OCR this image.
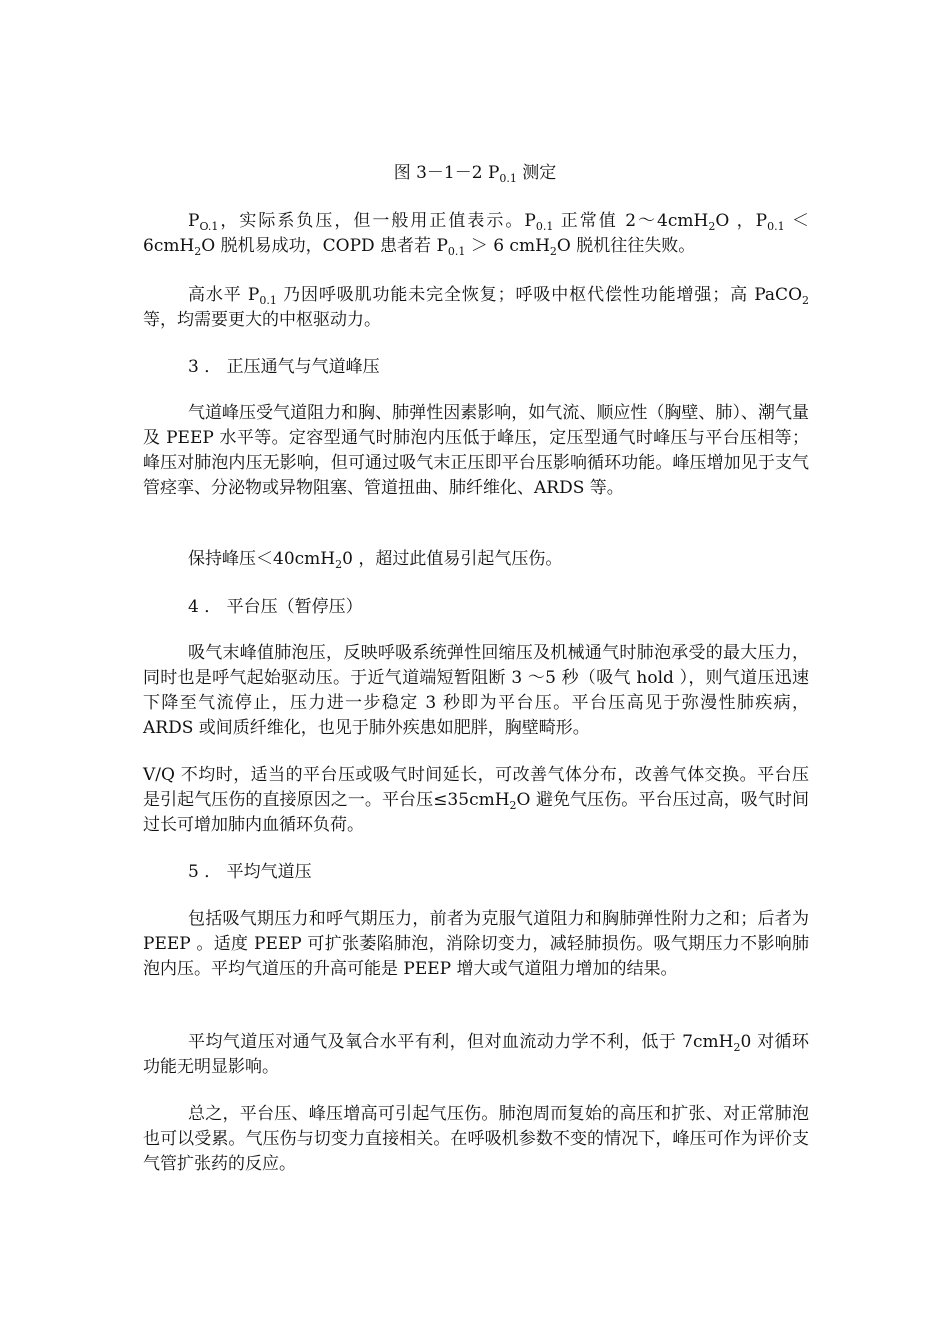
图 3－1－2 $P_{0.1}$ 测定
$P_{O.1}$，实际系负压，但一般用正值表示。$P_{0.1}$ 正常值 2～4cmH$_2$O ，$P_{0.1} < 6cmH_2O$ 脱机易成功，COPD 患者若 $P_{0.1} > 6$ cmH$_2$O 脱机往往失败。
高水平 $P_{0.1}$ 乃因呼吸肌功能未完全恢复；呼吸中枢代偿性功能增强；高 PaCO$_2$ 等，均需要更大的中枢驱动力。
3 ． 正压通气与气道峰压
气道峰压受气道阻力和胸、肺弹性因素影响，如气流、顺应性（胸壁、肺）、潮气量及 PEEP 水平等。定容型通气时肺泡内压低于峰压，定压型通气时峰压与平台压相等；峰压对肺泡内压无影响，但可通过吸气末正压即平台压影响循环功能。峰压增加见于支气管痉挛、分泌物或异物阻塞、管道扭曲、肺纤维化、ARDS 等。
保持峰压＜40cmH$_2$0 ，超过此值易引起气压伤。
4 ． 平台压（暂停压）
吸气末峰值肺泡压，反映呼吸系统弹性回缩压及机械通气时肺泡承受的最大压力，同时也是呼气起始驱动压。于近气道端短暂阻断 3 ～5 秒（吸气 hold ），则气道压迅速下降至气流停止，压力进一步稳定 3 秒即为平台压。平台压高见于弥漫性肺疾病，ARDS 或间质纤维化，也见于肺外疾患如肥胖，胸壁畸形。
V/Q 不均时，适当的平台压或吸气时间延长，可改善气体分布，改善气体交换。平台压是引起气压伤的直接原因之一。平台压≤35cmH$_2$O 避免气压伤。平台压过高，吸气时间过长可增加肺内血循环负荷。
5 ． 平均气道压
包括吸气期压力和呼气期压力，前者为克服气道阻力和胸肺弹性附力之和；后者为 PEEP 。适度 PEEP 可扩张萎陷肺泡，消除切变力，减轻肺损伤。吸气期压力不影响肺泡内压。平均气道压的升高可能是 PEEP 增大或气道阻力增加的结果。
平均气道压对通气及氧合水平有利，但对血流动力学不利，低于 7cmH$_2$0 对循环功能无明显影响。
总之，平台压、峰压增高可引起气压伤。肺泡周而复始的高压和扩张、对正常肺泡也可以受累。气压伤与切变力直接相关。在呼吸机参数不变的情况下，峰压可作为评价支气管扩张药的反应。
